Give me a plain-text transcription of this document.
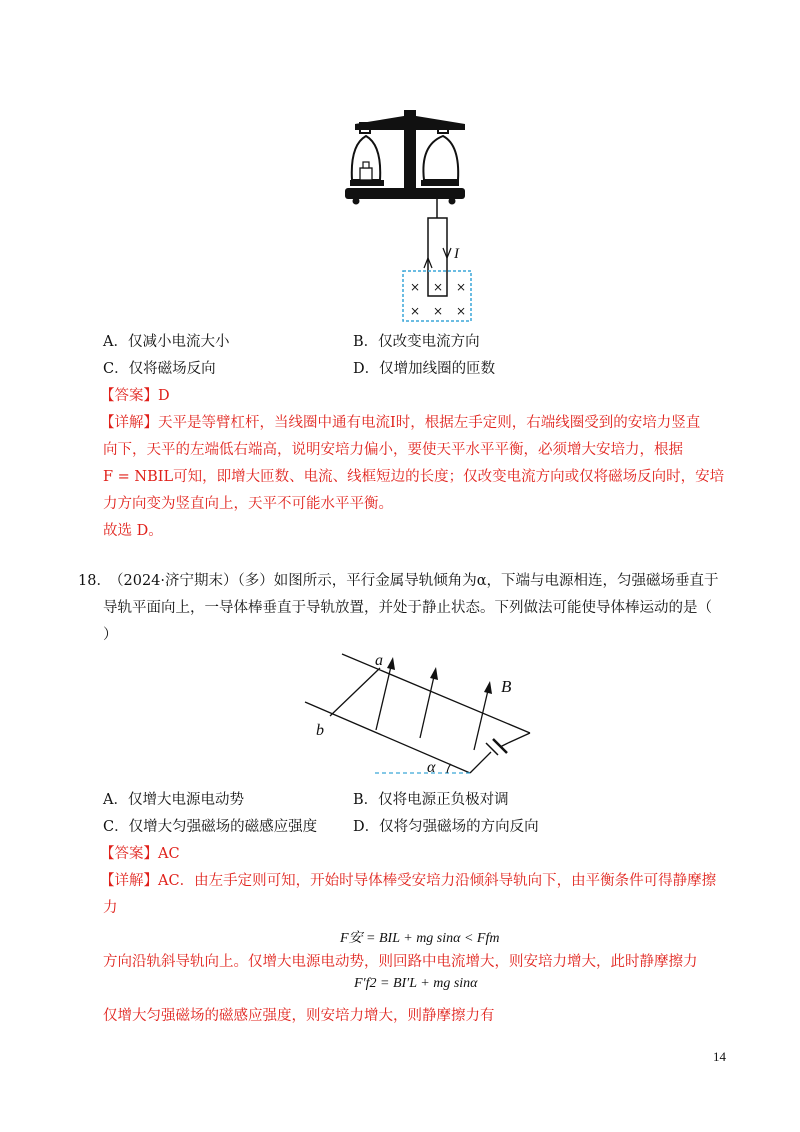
I
× × ×
× × ×
A．仅减小电流大小	B．仅改变电流方向
C．仅将磁场反向	D．仅增加线圈的匝数
【答案】D
【详解】天平是等臂杠杆，当线圈中通有电流I时，根据左手定则，右端线圈受到的安培力竖直
向下，天平的左端低右端高，说明安培力偏小，要使天平水平平衡，必须增大安培力，根据
F = NBIL可知，即增大匝数、电流、线框短边的长度；仅改变电流方向或仅将磁场反向时，安培
力方向变为竖直向上，天平不可能水平平衡。
故选 D。
18．
（2024·济宁期末）（多）如图所示，平行金属导轨倾角为α，下端与电源相连，匀强磁场垂直于
导轨平面向上，一导体棒垂直于导轨放置，并处于静止状态。下列做法可能使导体棒运动的是（
）
a
b
B
α
A．仅增大电源电动势	B．仅将电源正负极对调
C．仅增大匀强磁场的磁感应强度 D．仅将匀强磁场的方向反向
【答案】AC
【详解】AC．由左手定则可知，开始时导体棒受安培力沿倾斜导轨向下，由平衡条件可得静摩擦
力
F安 = BIL + mg sinα < Ffm
方向沿轨斜导轨向上。仅增大电源电动势，则回路中电流增大，则安培力增大，此时静摩擦力
F′f2 = BI′L + mg sinα
仅增大匀强磁场的磁感应强度，则安培力增大，则静摩擦力有
14
